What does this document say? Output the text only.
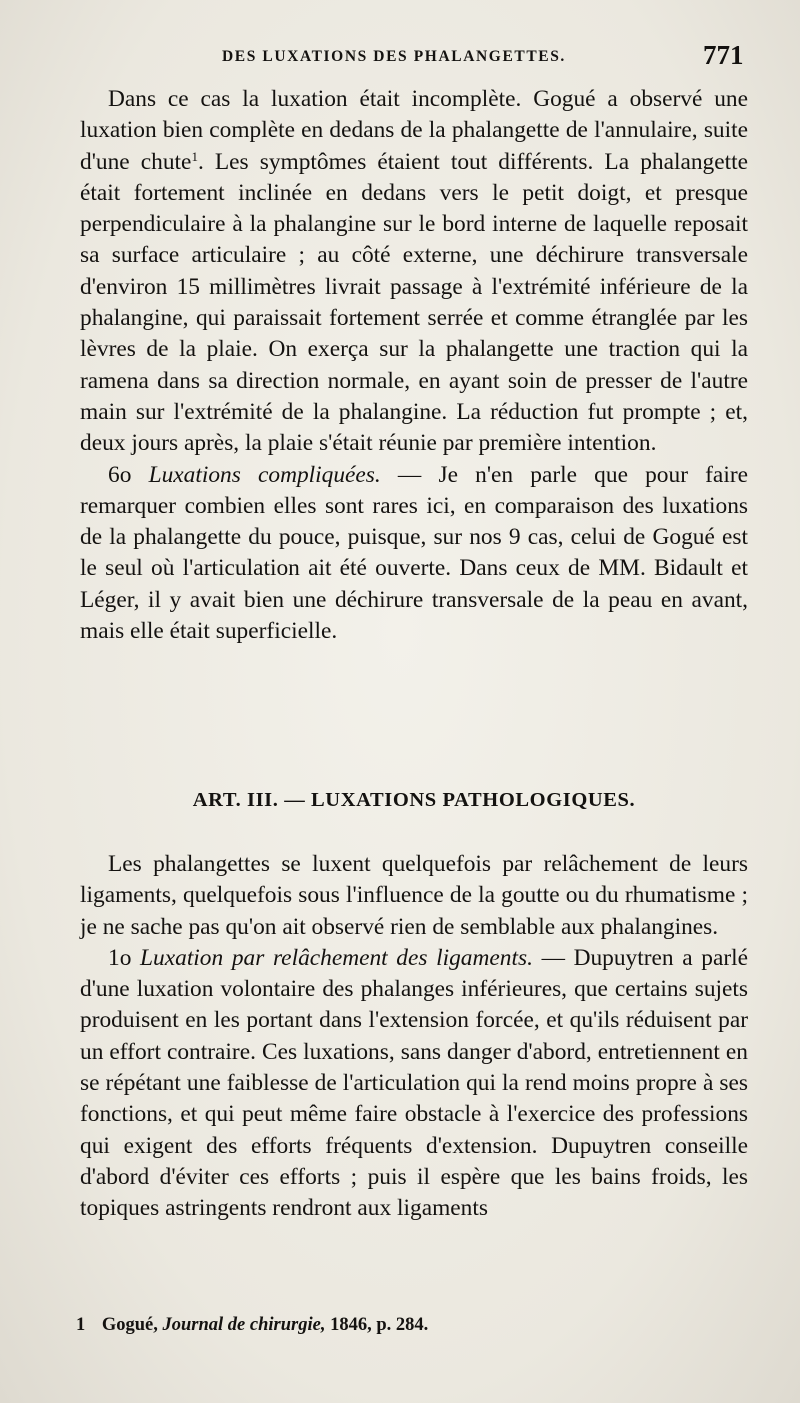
DES LUXATIONS DES PHALANGETTES.	771

Dans ce cas la luxation était incomplète. Gogué a observé une luxation bien complète en dedans de la phalangette de l'annulaire, suite d'une chute$^1$. Les symptômes étaient tout différents. La phalangette était fortement inclinée en dedans vers le petit doigt, et presque perpendiculaire à la phalangine sur le bord interne de laquelle reposait sa surface articulaire ; au côté externe, une déchirure transversale d'environ 15 millimètres livrait passage à l'extrémité inférieure de la phalangine, qui paraissait fortement serrée et comme étranglée par les lèvres de la plaie. On exerça sur la phalangette une traction qui la ramena dans sa direction normale, en ayant soin de presser de l'autre main sur l'extrémité de la phalangine. La réduction fut prompte ; et, deux jours après, la plaie s'était réunie par première intention.

6o Luxations compliquées. — Je n'en parle que pour faire remarquer combien elles sont rares ici, en comparaison des luxations de la phalangette du pouce, puisque, sur nos 9 cas, celui de Gogué est le seul où l'articulation ait été ouverte. Dans ceux de MM. Bidault et Léger, il y avait bien une déchirure transversale de la peau en avant, mais elle était superficielle.

ART. III. — LUXATIONS PATHOLOGIQUES.

Les phalangettes se luxent quelquefois par relâchement de leurs ligaments, quelquefois sous l'influence de la goutte ou du rhumatisme ; je ne sache pas qu'on ait observé rien de semblable aux phalangines.

1o Luxation par relâchement des ligaments. — Dupuytren a parlé d'une luxation volontaire des phalanges inférieures, que certains sujets produisent en les portant dans l'extension forcée, et qu'ils réduisent par un effort contraire. Ces luxations, sans danger d'abord, entretiennent en se répétant une faiblesse de l'articulation qui la rend moins propre à ses fonctions, et qui peut même faire obstacle à l'exercice des professions qui exigent des efforts fréquents d'extension. Dupuytren conseille d'abord d'éviter ces efforts ; puis il espère que les bains froids, les topiques astringents rendront aux ligaments

1 Gogué, Journal de chirurgie, 1846, p. 284.
